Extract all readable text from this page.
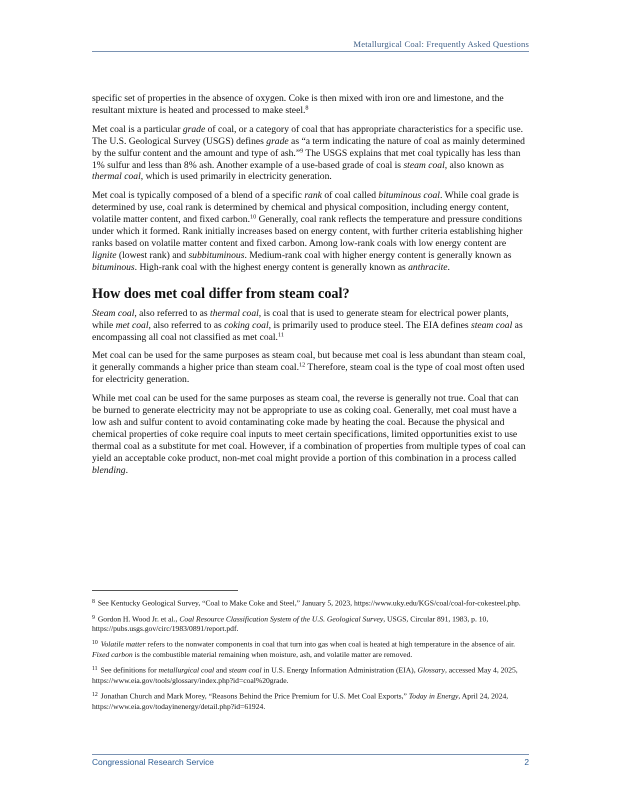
Metallurgical Coal: Frequently Asked Questions

specific set of properties in the absence of oxygen. Coke is then mixed with iron ore and limestone, and the resultant mixture is heated and processed to make steel.$^8$

Met coal is a particular grade of coal, or a category of coal that has appropriate characteristics for a specific use. The U.S. Geological Survey (USGS) defines grade as “a term indicating the nature of coal as mainly determined by the sulfur content and the amount and type of ash.”$^9$ The USGS explains that met coal typically has less than 1% sulfur and less than 8% ash. Another example of a use-based grade of coal is steam coal, also known as thermal coal, which is used primarily in electricity generation.

Met coal is typically composed of a blend of a specific rank of coal called bituminous coal. While coal grade is determined by use, coal rank is determined by chemical and physical composition, including energy content, volatile matter content, and fixed carbon.$^{10}$ Generally, coal rank reflects the temperature and pressure conditions under which it formed. Rank initially increases based on energy content, with further criteria establishing higher ranks based on volatile matter content and fixed carbon. Among low-rank coals with low energy content are lignite (lowest rank) and subbituminous. Medium-rank coal with higher energy content is generally known as bituminous. High-rank coal with the highest energy content is generally known as anthracite.

How does met coal differ from steam coal?

Steam coal, also referred to as thermal coal, is coal that is used to generate steam for electrical power plants, while met coal, also referred to as coking coal, is primarily used to produce steel. The EIA defines steam coal as encompassing all coal not classified as met coal.$^{11}$

Met coal can be used for the same purposes as steam coal, but because met coal is less abundant than steam coal, it generally commands a higher price than steam coal.$^{12}$ Therefore, steam coal is the type of coal most often used for electricity generation.

While met coal can be used for the same purposes as steam coal, the reverse is generally not true. Coal that can be burned to generate electricity may not be appropriate to use as coking coal. Generally, met coal must have a low ash and sulfur content to avoid contaminating coke made by heating the coal. Because the physical and chemical properties of coke require coal inputs to meet certain specifications, limited opportunities exist to use thermal coal as a substitute for met coal. However, if a combination of properties from multiple types of coal can yield an acceptable coke product, non-met coal might provide a portion of this combination in a process called blending.

$^8$ See Kentucky Geological Survey, “Coal to Make Coke and Steel,” January 5, 2023, https://www.uky.edu/KGS/coal/coal-for-cokesteel.php.

$^9$ Gordon H. Wood Jr. et al., Coal Resource Classification System of the U.S. Geological Survey, USGS, Circular 891, 1983, p. 10, https://pubs.usgs.gov/circ/1983/0891/report.pdf.

$^{10}$ Volatile matter refers to the nonwater components in coal that turn into gas when coal is heated at high temperature in the absence of air. Fixed carbon is the combustible material remaining when moisture, ash, and volatile matter are removed.

$^{11}$ See definitions for metallurgical coal and steam coal in U.S. Energy Information Administration (EIA), Glossary, accessed May 4, 2025, https://www.eia.gov/tools/glossary/index.php?id=coal%20grade.

$^{12}$ Jonathan Church and Mark Morey, “Reasons Behind the Price Premium for U.S. Met Coal Exports,” Today in Energy, April 24, 2024, https://www.eia.gov/todayinenergy/detail.php?id=61924.

Congressional Research Service	2
